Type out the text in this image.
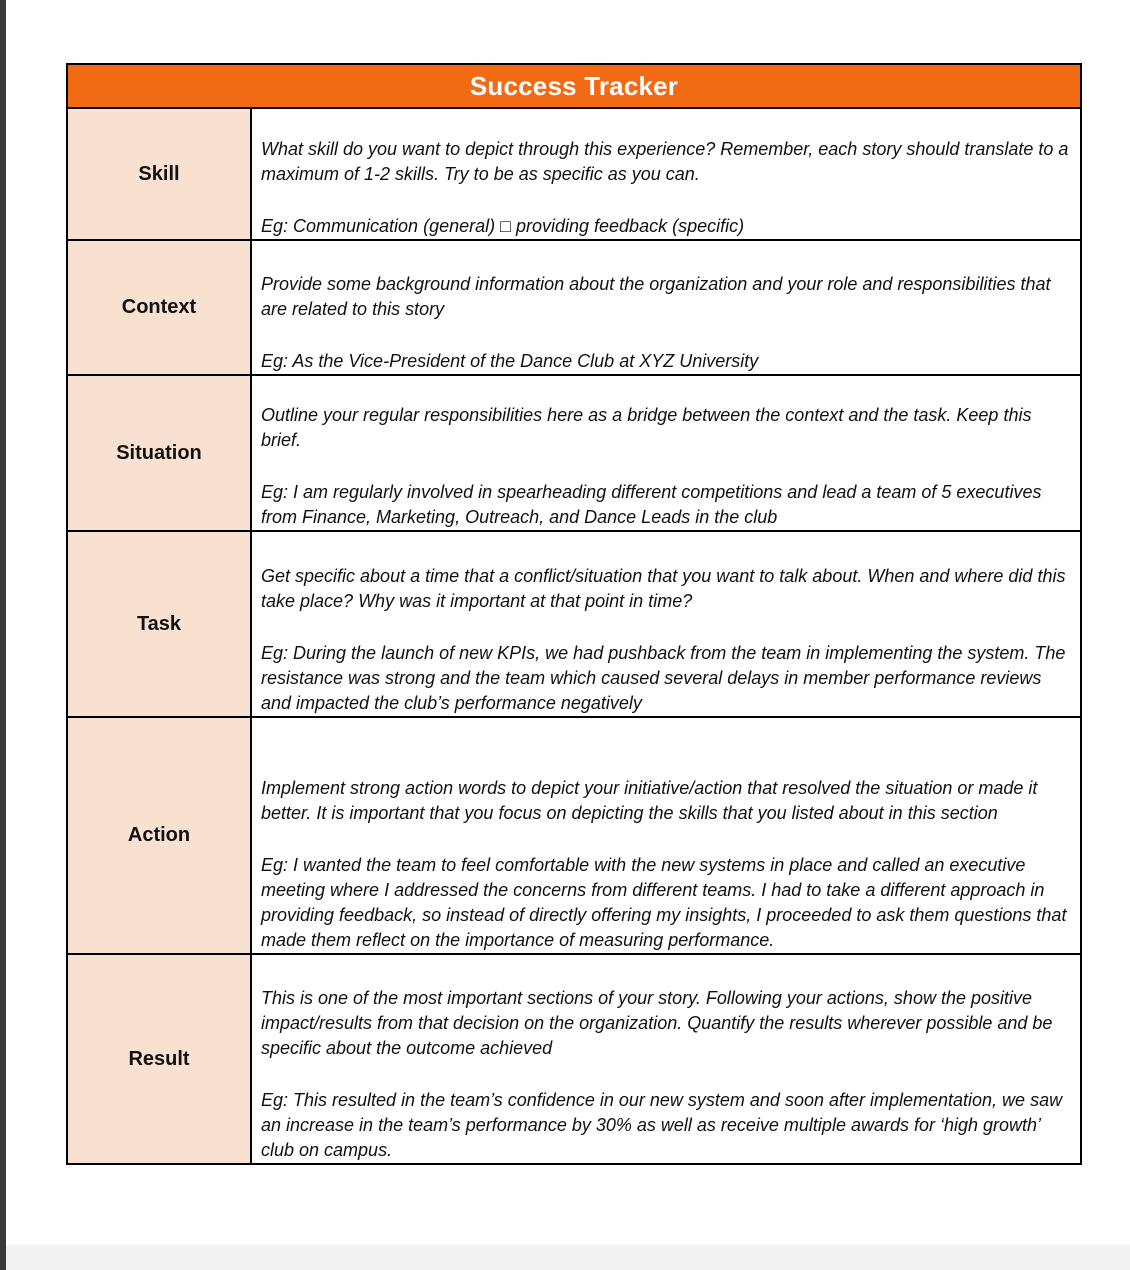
Success Tracker
Skill

What skill do you want to depict through this experience? Remember, each story should translate to a maximum of 1-2 skills. Try to be as specific as you can.

Eg: Communication (general) □ providing feedback (specific)

Context

Provide some background information about the organization and your role and responsibilities that are related to this story

Eg: As the Vice-President of the Dance Club at XYZ University

Situation

Outline your regular responsibilities here as a bridge between the context and the task. Keep this brief.

Eg: I am regularly involved in spearheading different competitions and lead a team of 5 executives from Finance, Marketing, Outreach, and Dance Leads in the club

Task

Get specific about a time that a conflict/situation that you want to talk about. When and where did this take place? Why was it important at that point in time?

Eg: During the launch of new KPIs, we had pushback from the team in implementing the system. The resistance was strong and the team which caused several delays in member performance reviews and impacted the club’s performance negatively

Action

Implement strong action words to depict your initiative/action that resolved the situation or made it better. It is important that you focus on depicting the skills that you listed about in this section

Eg: I wanted the team to feel comfortable with the new systems in place and called an executive meeting where I addressed the concerns from different teams. I had to take a different approach in providing feedback, so instead of directly offering my insights, I proceeded to ask them questions that made them reflect on the importance of measuring performance.

Result

This is one of the most important sections of your story. Following your actions, show the positive impact/results from that decision on the organization. Quantify the results wherever possible and be specific about the outcome achieved

Eg: This resulted in the team’s confidence in our new system and soon after implementation, we saw an increase in the team’s performance by 30% as well as receive multiple awards for ‘high growth’ club on campus.
